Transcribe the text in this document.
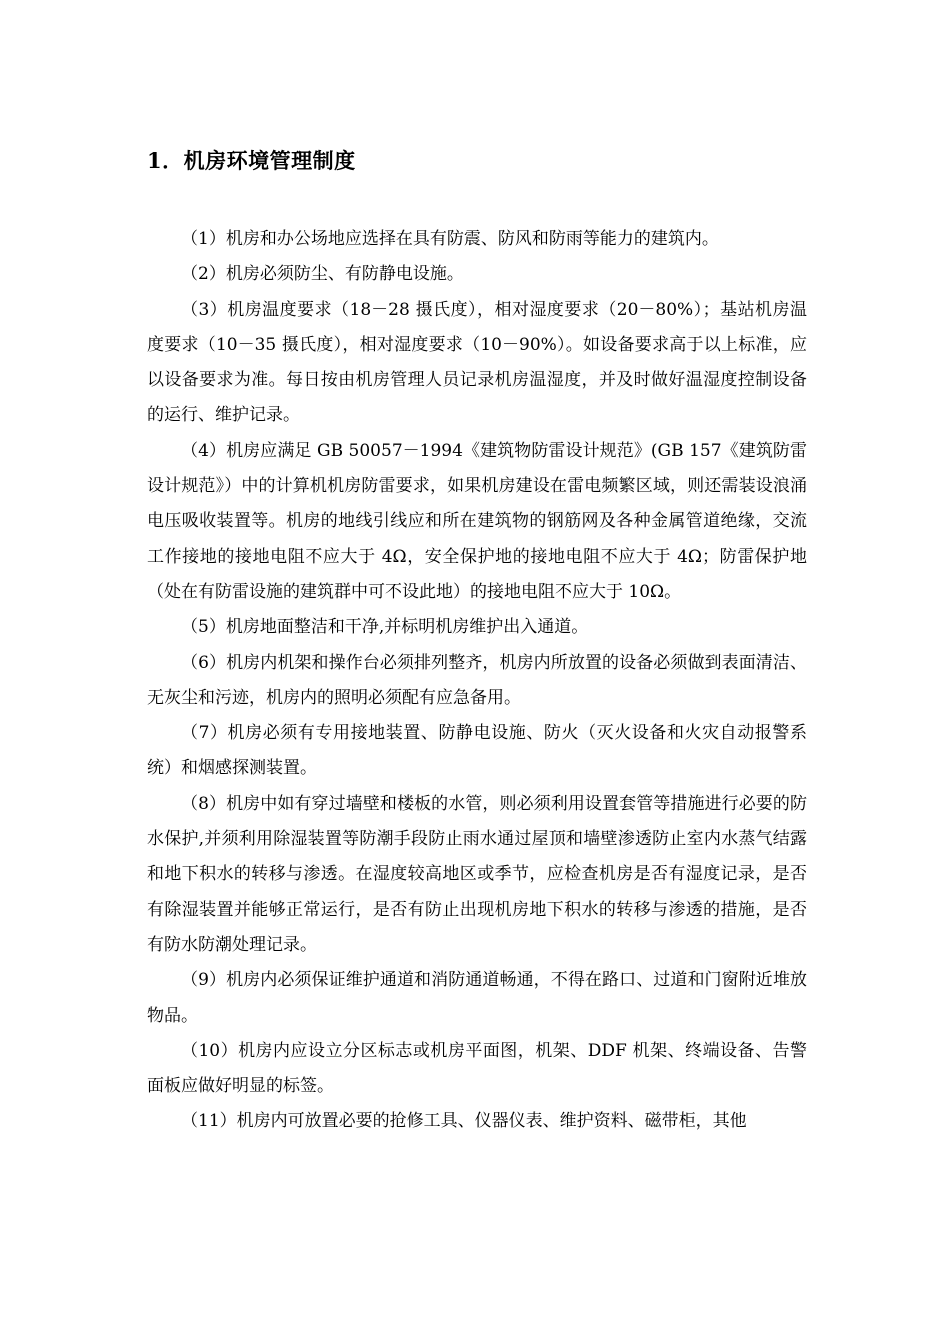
1．机房环境管理制度

（1）机房和办公场地应选择在具有防震、防风和防雨等能力的建筑内。

（2）机房必须防尘、有防静电设施。

（3）机房温度要求（18－28 摄氏度），相对湿度要求（20－80%）；基站机房温度要求（10－35 摄氏度），相对湿度要求（10－90%）。如设备要求高于以上标准，应以设备要求为准。每日按由机房管理人员记录机房温湿度，并及时做好温湿度控制设备的运行、维护记录。

（4）机房应满足 GB 50057－1994《建筑物防雷设计规范》(GB 157《建筑防雷设计规范》）中的计算机机房防雷要求，如果机房建设在雷电频繁区域，则还需装设浪涌电压吸收装置等。机房的地线引线应和所在建筑物的钢筋网及各种金属管道绝缘，交流工作接地的接地电阻不应大于 4Ω，安全保护地的接地电阻不应大于 4Ω；防雷保护地（处在有防雷设施的建筑群中可不设此地）的接地电阻不应大于 10Ω。

（5）机房地面整洁和干净,并标明机房维护出入通道。

（6）机房内机架和操作台必须排列整齐，机房内所放置的设备必须做到表面清洁、无灰尘和污迹，机房内的照明必须配有应急备用。

（7）机房必须有专用接地装置、防静电设施、防火（灭火设备和火灾自动报警系统）和烟感探测装置。

（8）机房中如有穿过墙壁和楼板的水管，则必须利用设置套管等措施进行必要的防水保护,并须利用除湿装置等防潮手段防止雨水通过屋顶和墙壁渗透防止室内水蒸气结露和地下积水的转移与渗透。在湿度较高地区或季节，应检查机房是否有湿度记录，是否有除湿装置并能够正常运行，是否有防止出现机房地下积水的转移与渗透的措施，是否有防水防潮处理记录。

（9）机房内必须保证维护通道和消防通道畅通，不得在路口、过道和门窗附近堆放物品。

（10）机房内应设立分区标志或机房平面图，机架、DDF 机架、终端设备、告警面板应做好明显的标签。

（11）机房内可放置必要的抢修工具、仪器仪表、维护资料、磁带柜，其他
